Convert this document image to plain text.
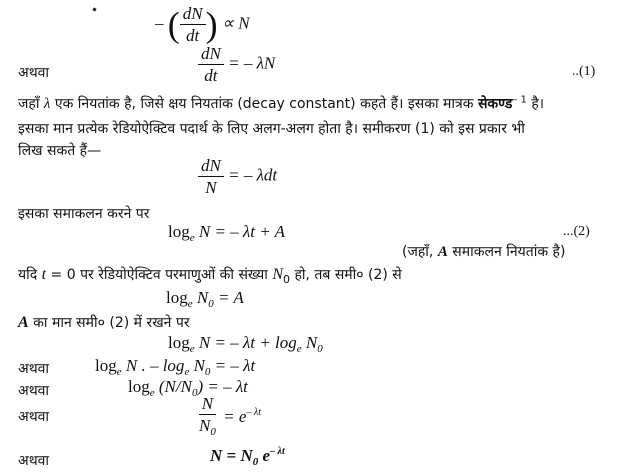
– ( $\frac{dN}{dt}$ ) ∝ N
अथवा	$\frac{dN}{dt}$ = – λN	..(1)
जहाँ λ एक नियतांक है, जिसे क्षय नियतांक (decay constant) कहते हैं। इसका मात्रक सेकण्ड$^{- 1}$ है।
इसका मान प्रत्येक रेडियोऐक्टिव पदार्थ के लिए अलग-अलग होता है। समीकरण (1) को इस प्रकार भी
लिख सकते हैं—
$\frac{dN}{N}$ = – λdt
इसका समाकलन करने पर
$\log_e N$ = – λt + A	...(2)
(जहाँ, A समाकलन नियतांक है)
यदि t = 0 पर रेडियोऐक्टिव परमाणुओं की संख्या $N_0$ हो, तब समी० (2) से
$\log_e N_0 = A$
A का मान समी० (2) में रखने पर
$\log_e N$ = – $\lambda t + \log_e N_0$
अथवा	$\log_e N$ . – $\log_e N_0$ = – λt
अथवा	$\log_e (N/N_0)$ = – λt
अथवा	$\frac{N}{N_0} = e^{- \lambda t}$
अथवा	$N = N_0$ $e^{- \lambda t}$
